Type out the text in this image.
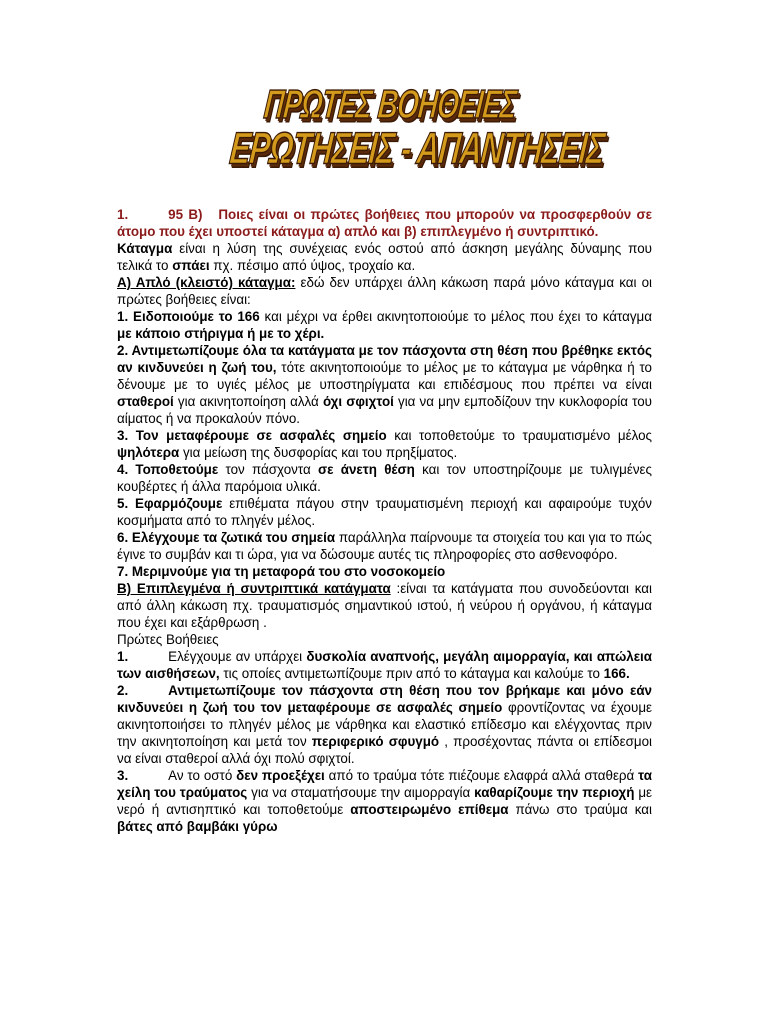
ΠΡΩΤΕΣ ΒΟΗΘΕΙΕΣ
ΕΡΩΤΗΣΕΙΣ - ΑΠΑΝΤΗΣΕΙΣ

1.	95 Β) Ποιες είναι οι πρώτες βοήθειες που μπορούν να προσφερθούν σε άτομο που έχει υποστεί κάταγμα α) απλό και β) επιπλεγμένο ή συντριπτικό.

Κάταγμα είναι η λύση της συνέχειας ενός οστού από άσκηση μεγάλης δύναμης που τελικά το σπάει πχ. πέσιμο από ύψος, τροχαίο κα.

Α) Απλό (κλειστό) κάταγμα: εδώ δεν υπάρχει άλλη κάκωση παρά μόνο κάταγμα και οι πρώτες βοήθειες είναι:

1. Ειδοποιούμε το 166 και μέχρι να έρθει ακινητοποιούμε το μέλος που έχει το κάταγμα με κάποιο στήριγμα ή με το χέρι.

2. Αντιμετωπίζουμε όλα τα κατάγματα με τον πάσχοντα στη θέση που βρέθηκε εκτός αν κινδυνεύει η ζωή του, τότε ακινητοποιούμε το μέλος με το κάταγμα με νάρθηκα ή το δένουμε με το υγιές μέλος με υποστηρίγματα και επιδέσμους που πρέπει να είναι σταθεροί για ακινητοποίηση αλλά όχι σφιχτοί για να μην εμποδίζουν την κυκλοφορία του αίματος ή να προκαλούν πόνο.

3. Τον μεταφέρουμε σε ασφαλές σημείο και τοποθετούμε το τραυματισμένο μέλος ψηλότερα για μείωση της δυσφορίας και του πρηξίματος.

4. Τοποθετούμε τον πάσχοντα σε άνετη θέση και τον υποστηρίζουμε με τυλιγμένες κουβέρτες ή άλλα παρόμοια υλικά.

5. Εφαρμόζουμε επιθέματα πάγου στην τραυματισμένη περιοχή και αφαιρούμε τυχόν κοσμήματα από το πληγέν μέλος.

6. Ελέγχουμε τα ζωτικά του σημεία παράλληλα παίρνουμε τα στοιχεία του και για το πώς έγινε το συμβάν και τι ώρα, για να δώσουμε αυτές τις πληροφορίες στο ασθενοφόρο.

7. Μεριμνούμε για τη μεταφορά του στο νοσοκομείο

Β) Επιπλεγμένα ή συντριπτικά κατάγματα :είναι τα κατάγματα που συνοδεύονται και από άλλη κάκωση πχ. τραυματισμός σημαντικού ιστού, ή νεύρου ή οργάνου, ή κάταγμα που έχει και εξάρθρωση .

Πρώτες Βοήθειες

1.	Ελέγχουμε αν υπάρχει δυσκολία αναπνοής, μεγάλη αιμορραγία, και απώλεια των αισθήσεων, τις οποίες αντιμετωπίζουμε πριν από το κάταγμα και καλούμε το 166.

2.	Αντιμετωπίζουμε τον πάσχοντα στη θέση που τον βρήκαμε και μόνο εάν κινδυνεύει η ζωή του τον μεταφέρουμε σε ασφαλές σημείο φροντίζοντας να έχουμε ακινητοποιήσει το πληγέν μέλος με νάρθηκα και ελαστικό επίδεσμο και ελέγχοντας πριν την ακινητοποίηση και μετά τον περιφερικό σφυγμό , προσέχοντας πάντα οι επίδεσμοι να είναι σταθεροί αλλά όχι πολύ σφιχτοί.

3.	Αν το οστό δεν προεξέχει από το τραύμα τότε πιέζουμε ελαφρά αλλά σταθερά τα χείλη του τραύματος για να σταματήσουμε την αιμορραγία καθαρίζουμε την περιοχή με νερό ή αντισηπτικό και τοποθετούμε αποστειρωμένο επίθεμα πάνω στο τραύμα και βάτες από βαμβάκι γύρω
